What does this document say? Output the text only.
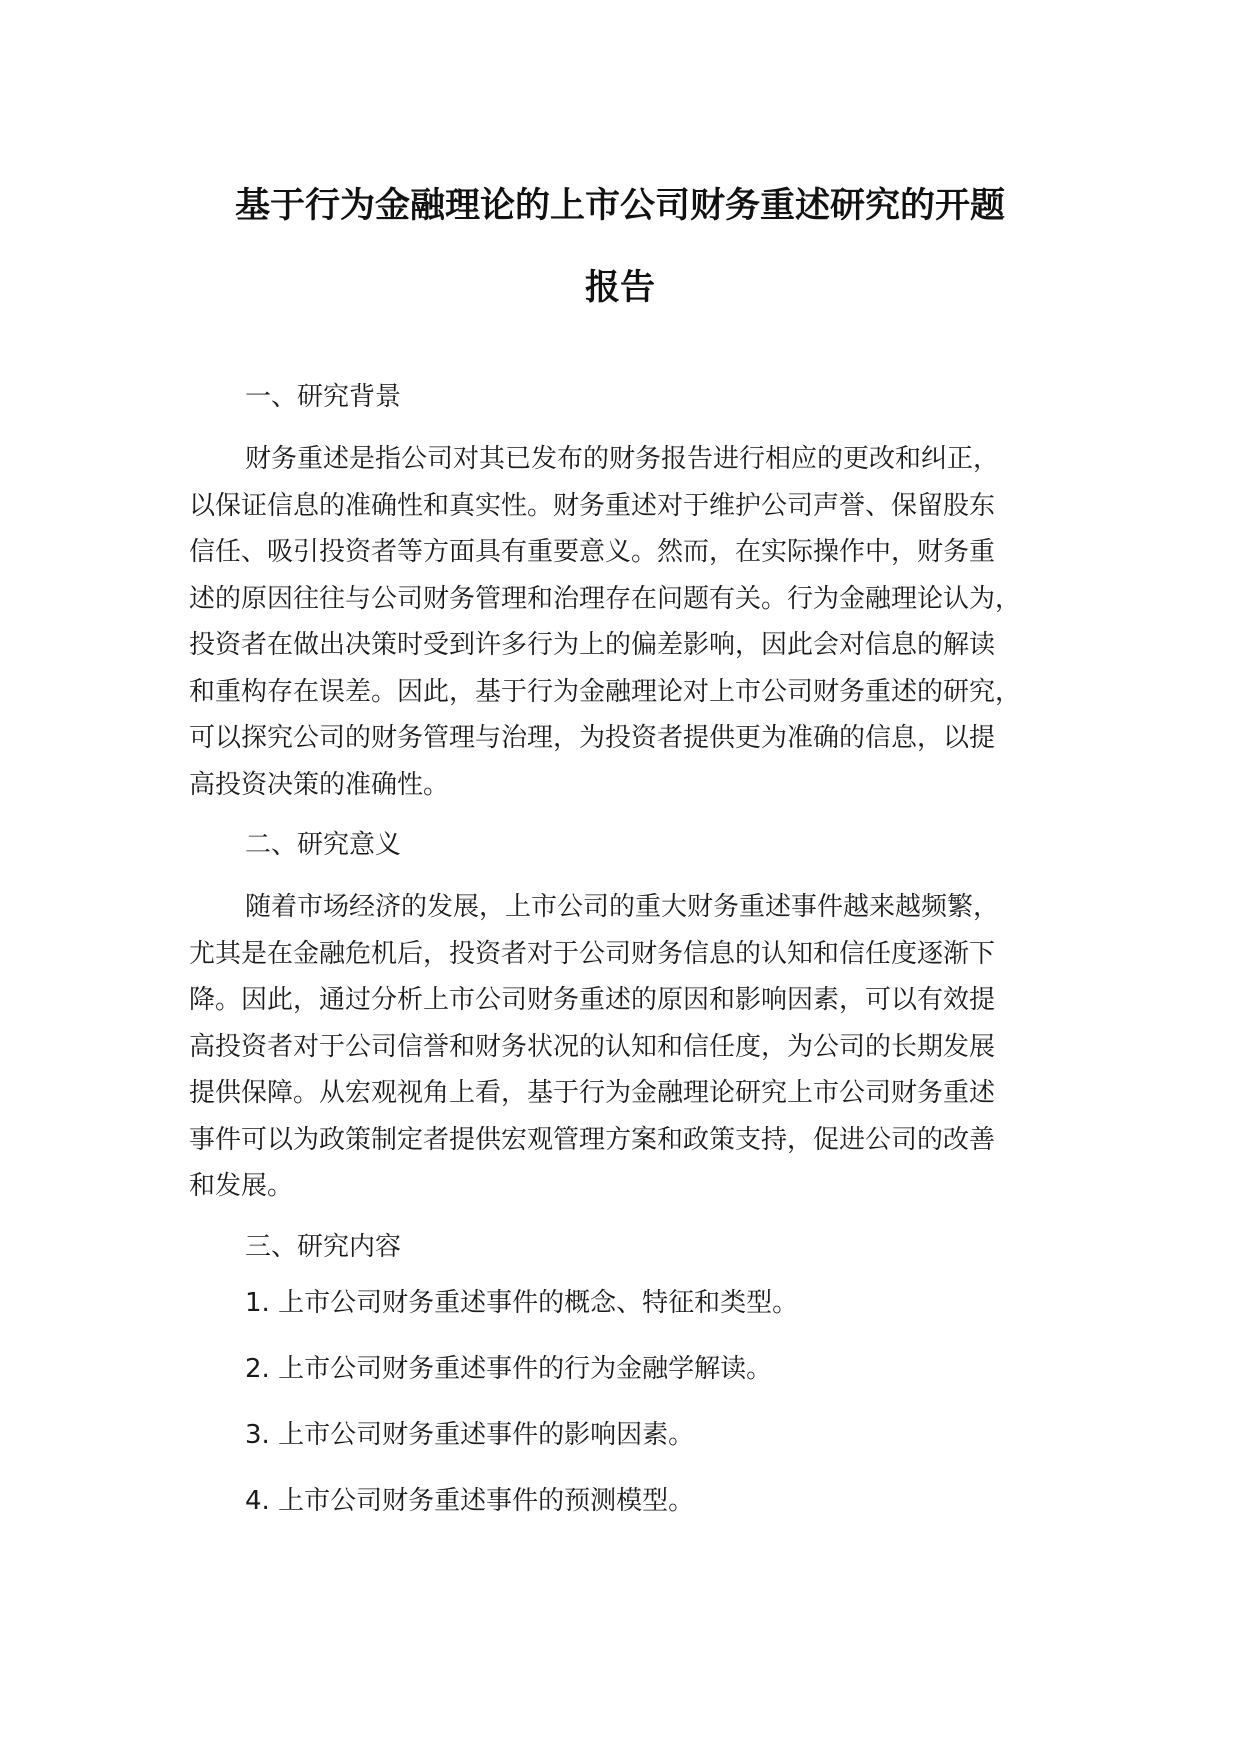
基于行为金融理论的上市公司财务重述研究的开题
报告
一、研究背景
财务重述是指公司对其已发布的财务报告进行相应的更改和纠正，
以保证信息的准确性和真实性。财务重述对于维护公司声誉、保留股东
信任、吸引投资者等方面具有重要意义。然而，在实际操作中，财务重
述的原因往往与公司财务管理和治理存在问题有关。行为金融理论认为，
投资者在做出决策时受到许多行为上的偏差影响，因此会对信息的解读
和重构存在误差。因此，基于行为金融理论对上市公司财务重述的研究，
可以探究公司的财务管理与治理，为投资者提供更为准确的信息，以提
高投资决策的准确性。
二、研究意义
随着市场经济的发展，上市公司的重大财务重述事件越来越频繁，
尤其是在金融危机后，投资者对于公司财务信息的认知和信任度逐渐下
降。因此，通过分析上市公司财务重述的原因和影响因素，可以有效提
高投资者对于公司信誉和财务状况的认知和信任度，为公司的长期发展
提供保障。从宏观视角上看，基于行为金融理论研究上市公司财务重述
事件可以为政策制定者提供宏观管理方案和政策支持，促进公司的改善
和发展。
三、研究内容
1. 上市公司财务重述事件的概念、特征和类型。
2. 上市公司财务重述事件的行为金融学解读。
3. 上市公司财务重述事件的影响因素。
4. 上市公司财务重述事件的预测模型。
